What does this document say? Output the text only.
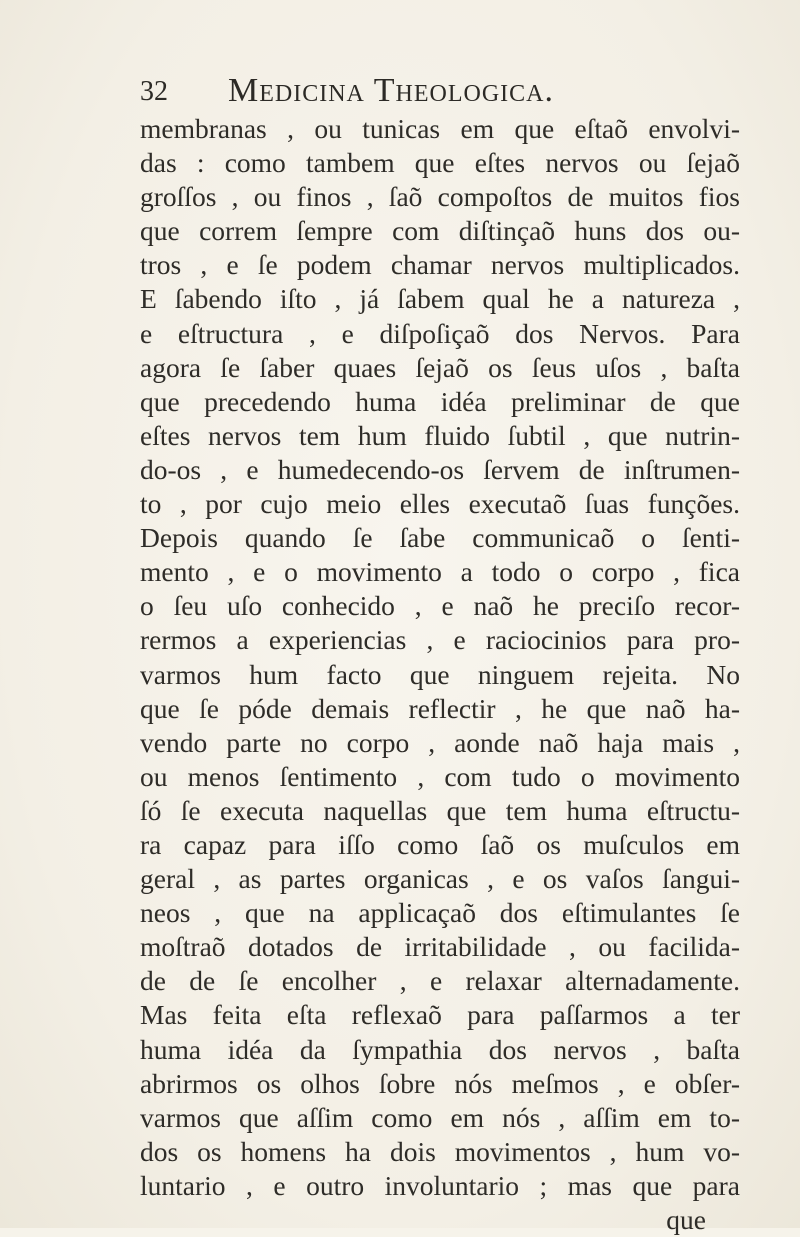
32 Medicina Theologica.
membranas , ou tunicas em que eſtaõ envolvi-
das : como tambem que eſtes nervos ou ſejaõ
groſſos , ou finos , ſaõ compoſtos de muitos fios
que correm ſempre com diſtinçaõ huns dos ou-
tros , e ſe podem chamar nervos multiplicados.
E ſabendo iſto , já ſabem qual he a natureza ,
e eſtructura , e diſpoſiçaõ dos Nervos. Para
agora ſe ſaber quaes ſejaõ os ſeus uſos , baſta
que precedendo huma idéa preliminar de que
eſtes nervos tem hum fluido ſubtil , que nutrin-
do-os , e humedecendo-os ſervem de inſtrumen-
to , por cujo meio elles executaõ ſuas funções.
Depois quando ſe ſabe communicaõ o ſenti-
mento , e o movimento a todo o corpo , fica
o ſeu uſo conhecido , e naõ he preciſo recor-
rermos a experiencias , e raciocinios para pro-
varmos hum facto que ninguem rejeita. No
que ſe póde demais reflectir , he que naõ ha-
vendo parte no corpo , aonde naõ haja mais ,
ou menos ſentimento , com tudo o movimento
ſó ſe executa naquellas que tem huma eſtructu-
ra capaz para iſſo como ſaõ os muſculos em
geral , as partes organicas , e os vaſos ſangui-
neos , que na applicaçaõ dos eſtimulantes ſe
moſtraõ dotados de irritabilidade , ou facilida-
de de ſe encolher , e relaxar alternadamente.
Mas feita eſta reflexaõ para paſſarmos a ter
huma idéa da ſympathia dos nervos , baſta
abrirmos os olhos ſobre nós meſmos , e obſer-
varmos que aſſim como em nós , aſſim em to-
dos os homens ha dois movimentos , hum vo-
luntario , e outro involuntario ; mas que para
que
